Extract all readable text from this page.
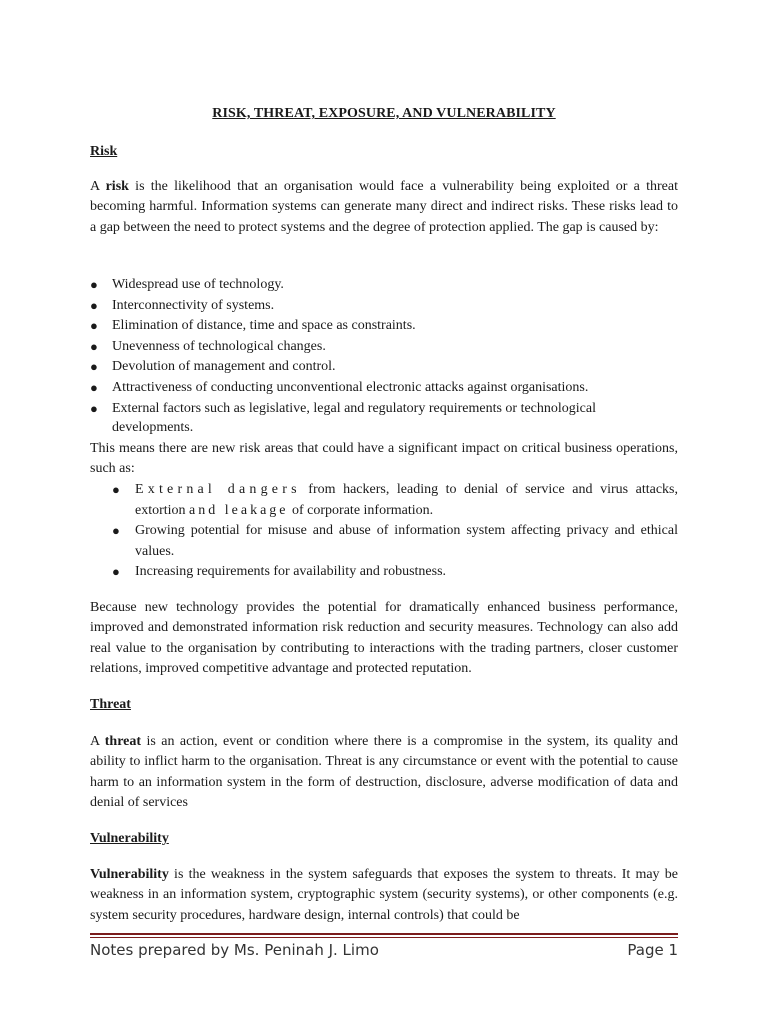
RISK, THREAT, EXPOSURE, AND VULNERABILITY
Risk

A risk is the likelihood that an organisation would face a vulnerability being exploited or a threat becoming harmful. Information systems can generate many direct and indirect risks. These risks lead to a gap between the need to protect systems and the degree of protection applied. The gap is caused by:

● Widespread use of technology.
● Interconnectivity of systems.
● Elimination of distance, time and space as constraints.
● Unevenness of technological changes.
● Devolution of management and control.
● Attractiveness of conducting unconventional electronic attacks against organisations.
● External factors such as legislative, legal and regulatory requirements or technological developments.

This means there are new risk areas that could have a significant impact on critical business operations, such as:

● External dangers from hackers, leading to denial of service and virus attacks, extortion and leakage of corporate information.
● Growing potential for misuse and abuse of information system affecting privacy and ethical values.
● Increasing requirements for availability and robustness.

Because new technology provides the potential for dramatically enhanced business performance, improved and demonstrated information risk reduction and security measures. Technology can also add real value to the organisation by contributing to interactions with the trading partners, closer customer relations, improved competitive advantage and protected reputation.

Threat

A threat is an action, event or condition where there is a compromise in the system, its quality and ability to inflict harm to the organisation. Threat is any circumstance or event with the potential to cause harm to an information system in the form of destruction, disclosure, adverse modification of data and denial of services

Vulnerability

Vulnerability is the weakness in the system safeguards that exposes the system to threats. It may be weakness in an information system, cryptographic system (security systems), or other components (e.g. system security procedures, hardware design, internal controls) that could be

Notes prepared by Ms. Peninah J. Limo	Page 1
